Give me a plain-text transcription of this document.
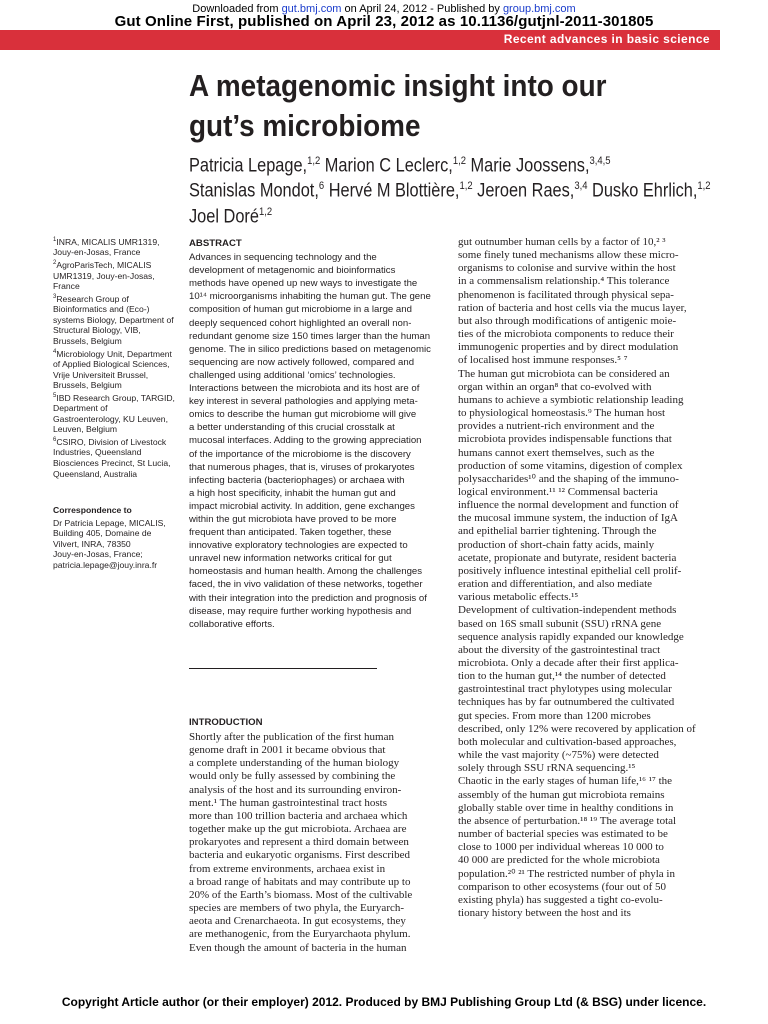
Downloaded from gut.bmj.com on April 24, 2012 - Published by group.bmj.com
Gut Online First, published on April 23, 2012 as 10.1136/gutjnl-2011-301805
Recent advances in basic science
A metagenomic insight into our
gut’s microbiome
Patricia Lepage,$^{1,2}$ Marion C Leclerc,$^{1,2}$ Marie Joossens,$^{3,4,5}$
Stanislas Mondot,$^6$ Hervé M Blottière,$^{1,2}$ Jeroen Raes,$^{3,4}$ Dusko Ehrlich,$^{1,2}$
Joel Doré$^{1,2}$

$^1$INRA, MICALIS UMR1319,
Jouy-en-Josas, France

$^2$AgroParisTech, MICALIS
UMR1319, Jouy-en-Josas,
France

$^3$Research Group of
Bioinformatics and (Eco-)
systems Biology, Department of
Structural Biology, VIB,
Brussels, Belgium

$^4$Microbiology Unit, Department
of Applied Biological Sciences,
Vrije Universiteit Brussel,
Brussels, Belgium

$^5$IBD Research Group, TARGID,
Department of
Gastroenterology, KU Leuven,
Leuven, Belgium

$^6$CSIRO, Division of Livestock
Industries, Queensland
Biosciences Precinct, St Lucia,
Queensland, Australia

Correspondence to
Dr Patricia Lepage, MICALIS,
Building 405, Domaine de
Vilvert, INRA, 78350
Jouy-en-Josas, France;
patricia.lepage@jouy.inra.fr
ABSTRACT
Advances in sequencing technology and the
development of metagenomic and bioinformatics
methods have opened up new ways to investigate the
10¹⁴ microorganisms inhabiting the human gut. The gene
composition of human gut microbiome in a large and
deeply sequenced cohort highlighted an overall non-
redundant genome size 150 times larger than the human
genome. The in silico predictions based on metagenomic
sequencing are now actively followed, compared and
challenged using additional ‘omics’ technologies.
Interactions between the microbiota and its host are of
key interest in several pathologies and applying meta-
omics to describe the human gut microbiome will give
a better understanding of this crucial crosstalk at
mucosal interfaces. Adding to the growing appreciation
of the importance of the microbiome is the discovery
that numerous phages, that is, viruses of prokaryotes
infecting bacteria (bacteriophages) or archaea with
a high host specificity, inhabit the human gut and
impact microbial activity. In addition, gene exchanges
within the gut microbiota have proved to be more
frequent than anticipated. Taken together, these
innovative exploratory technologies are expected to
unravel new information networks critical for gut
homeostasis and human health. Among the challenges
faced, the in vivo validation of these networks, together
with their integration into the prediction and prognosis of
disease, may require further working hypothesis and
collaborative efforts.
INTRODUCTION
Shortly after the publication of the first human
genome draft in 2001 it became obvious that
a complete understanding of the human biology
would only be fully assessed by combining the
analysis of the host and its surrounding environ-
ment.¹ The human gastrointestinal tract hosts
more than 100 trillion bacteria and archaea which
together make up the gut microbiota. Archaea are
prokaryotes and represent a third domain between
bacteria and eukaryotic organisms. First described
from extreme environments, archaea exist in
a broad range of habitats and may contribute up to
20% of the Earth’s biomass. Most of the cultivable
species are members of two phyla, the Euryarch-
aeota and Crenarchaeota. In gut ecosystems, they
are methanogenic, from the Euryarchaota phylum.
Even though the amount of bacteria in the human
gut outnumber human cells by a factor of 10,² ³
some finely tuned mechanisms allow these micro-
organisms to colonise and survive within the host
in a commensalism relationship.⁴ This tolerance
phenomenon is facilitated through physical sepa-
ration of bacteria and host cells via the mucus layer,
but also through modifications of antigenic moie-
ties of the microbiota components to reduce their
immunogenic properties and by direct modulation
of localised host immune responses.⁵ ⁷
The human gut microbiota can be considered an
organ within an organ⁸ that co-evolved with
humans to achieve a symbiotic relationship leading
to physiological homeostasis.⁹ The human host
provides a nutrient-rich environment and the
microbiota provides indispensable functions that
humans cannot exert themselves, such as the
production of some vitamins, digestion of complex
polysaccharides¹⁰ and the shaping of the immuno-
logical environment.¹¹ ¹² Commensal bacteria
influence the normal development and function of
the mucosal immune system, the induction of IgA
and epithelial barrier tightening. Through the
production of short-chain fatty acids, mainly
acetate, propionate and butyrate, resident bacteria
positively influence intestinal epithelial cell prolif-
eration and differentiation, and also mediate
various metabolic effects.¹⁵
Development of cultivation-independent methods
based on 16S small subunit (SSU) rRNA gene
sequence analysis rapidly expanded our knowledge
about the diversity of the gastrointestinal tract
microbiota. Only a decade after their first applica-
tion to the human gut,¹⁴ the number of detected
gastrointestinal tract phylotypes using molecular
techniques has by far outnumbered the cultivated
gut species. From more than 1200 microbes
described, only 12% were recovered by application of
both molecular and cultivation-based approaches,
while the vast majority (~75%) were detected
solely through SSU rRNA sequencing.¹⁵
Chaotic in the early stages of human life,¹⁶ ¹⁷ the
assembly of the human gut microbiota remains
globally stable over time in healthy conditions in
the absence of perturbation.¹⁸ ¹⁹ The average total
number of bacterial species was estimated to be
close to 1000 per individual whereas 10 000 to
40 000 are predicted for the whole microbiota
population.²⁰ ²¹ The restricted number of phyla in
comparison to other ecosystems (four out of 50
existing phyla) has suggested a tight co-evolu-
tionary history between the host and its
Copyright Article author (or their employer) 2012. Produced by BMJ Publishing Group Ltd (& BSG) under licence.
